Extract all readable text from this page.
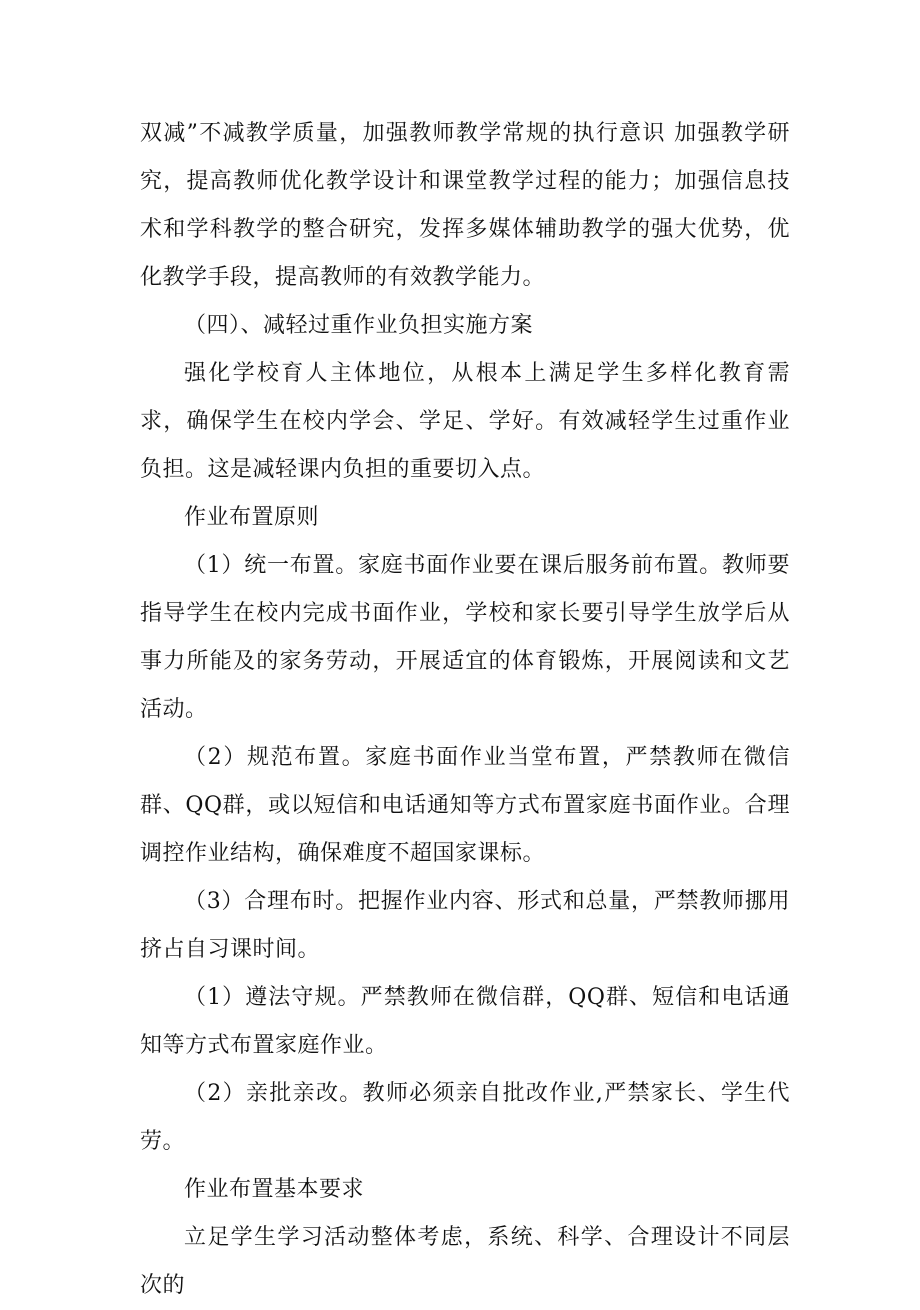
双减”不减教学质量，加强教师教学常规的执行意识 加强教学研究，提高教师优化教学设计和课堂教学过程的能力；加强信息技术和学科教学的整合研究，发挥多媒体辅助教学的强大优势，优化教学手段，提高教师的有效教学能力。

（四）、减轻过重作业负担实施方案

强化学校育人主体地位，从根本上满足学生多样化教育需求，确保学生在校内学会、学足、学好。有效减轻学生过重作业负担。这是减轻课内负担的重要切入点。

作业布置原则

（1）统一布置。家庭书面作业要在课后服务前布置。教师要指导学生在校内完成书面作业，学校和家长要引导学生放学后从事力所能及的家务劳动，开展适宜的体育锻炼，开展阅读和文艺活动。

（2）规范布置。家庭书面作业当堂布置，严禁教师在微信群、QQ群，或以短信和电话通知等方式布置家庭书面作业。合理调控作业结构，确保难度不超国家课标。

（3）合理布时。把握作业内容、形式和总量，严禁教师挪用挤占自习课时间。

（1）遵法守规。严禁教师在微信群，QQ群、短信和电话通知等方式布置家庭作业。

（2）亲批亲改。教师必须亲自批改作业,严禁家长、学生代劳。

作业布置基本要求

立足学生学习活动整体考虑，系统、科学、合理设计不同层次的
